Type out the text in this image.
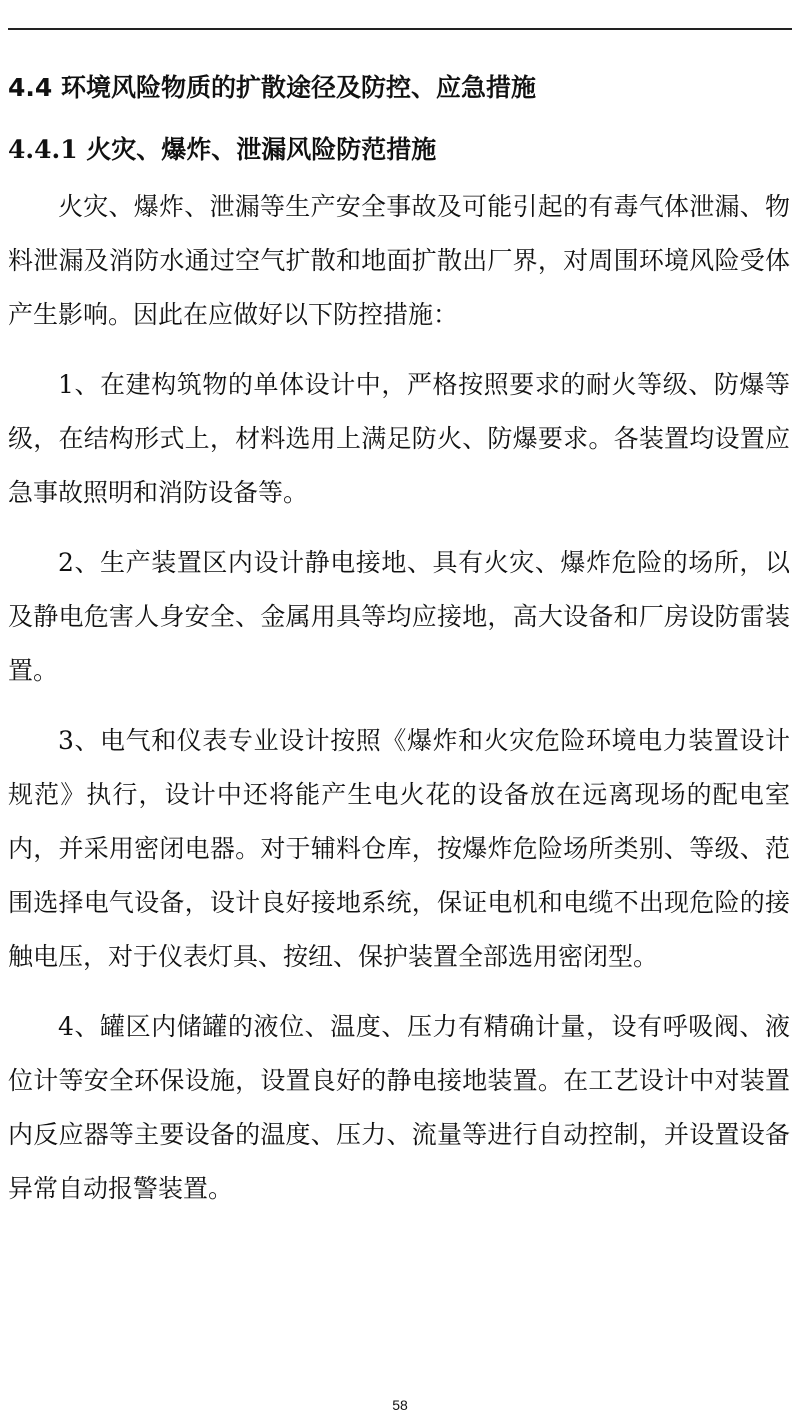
4.4 环境风险物质的扩散途径及防控、应急措施
4.4.1 火灾、爆炸、泄漏风险防范措施

火灾、爆炸、泄漏等生产安全事故及可能引起的有毒气体泄漏、物料泄漏及消防水通过空气扩散和地面扩散出厂界，对周围环境风险受体产生影响。因此在应做好以下防控措施：

1、在建构筑物的单体设计中，严格按照要求的耐火等级、防爆等级，在结构形式上，材料选用上满足防火、防爆要求。各装置均设置应急事故照明和消防设备等。

2、生产装置区内设计静电接地、具有火灾、爆炸危险的场所，以及静电危害人身安全、金属用具等均应接地，高大设备和厂房设防雷装置。

3、电气和仪表专业设计按照《爆炸和火灾危险环境电力装置设计规范》执行，设计中还将能产生电火花的设备放在远离现场的配电室内，并采用密闭电器。对于辅料仓库，按爆炸危险场所类别、等级、范围选择电气设备，设计良好接地系统，保证电机和电缆不出现危险的接触电压，对于仪表灯具、按纽、保护装置全部选用密闭型。

4、罐区内储罐的液位、温度、压力有精确计量，设有呼吸阀、液位计等安全环保设施，设置良好的静电接地装置。在工艺设计中对装置内反应器等主要设备的温度、压力、流量等进行自动控制，并设置设备异常自动报警装置。

58
